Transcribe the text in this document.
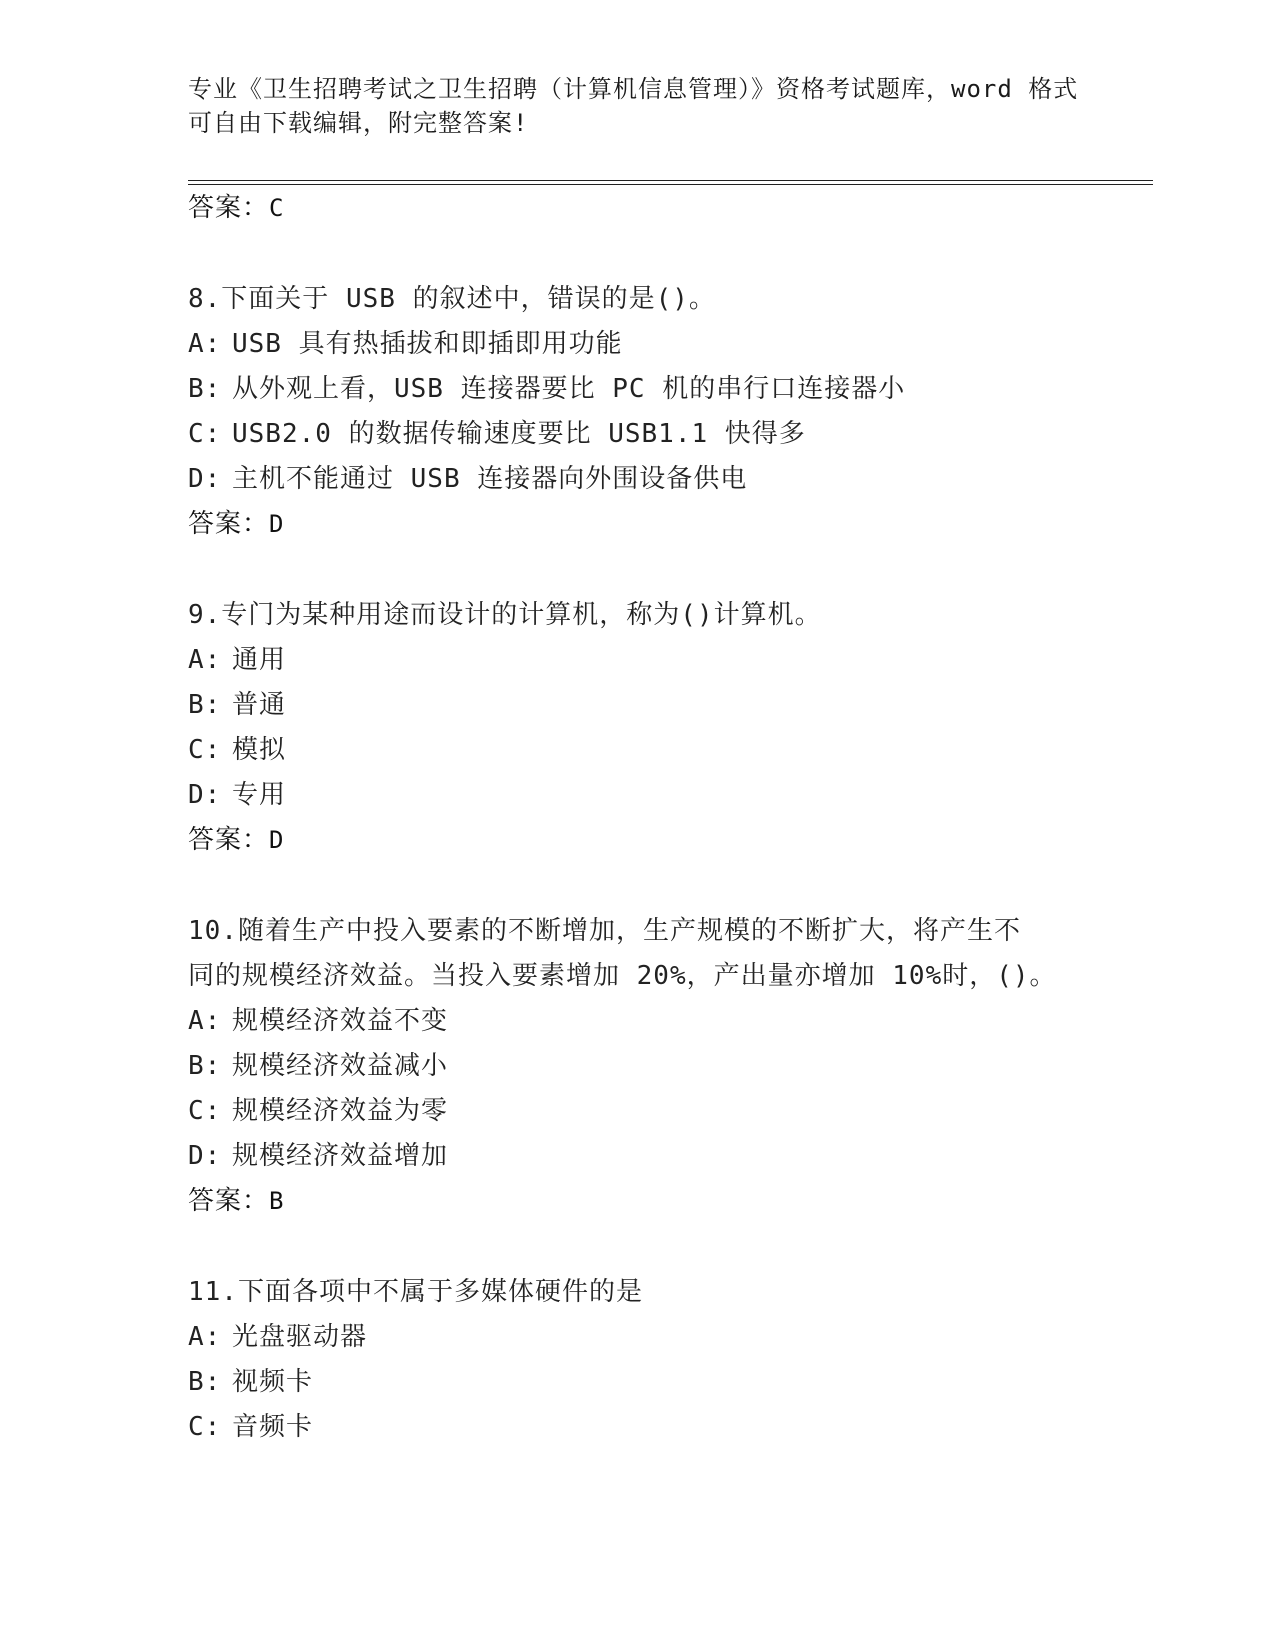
专业《卫生招聘考试之卫生招聘（计算机信息管理）》资格考试题库，word 格式
可自由下载编辑，附完整答案!
答案：C
8.下面关于 USB 的叙述中，错误的是()。
A: USB 具有热插拔和即插即用功能
B: 从外观上看，USB 连接器要比 PC 机的串行口连接器小
C: USB2.0 的数据传输速度要比 USB1.1 快得多
D: 主机不能通过 USB 连接器向外围设备供电
答案：D
9.专门为某种用途而设计的计算机，称为()计算机。
A: 通用
B: 普通
C: 模拟
D: 专用
答案：D
10.随着生产中投入要素的不断增加，生产规模的不断扩大，将产生不
同的规模经济效益。当投入要素增加 20%，产出量亦增加 10%时，()。
A: 规模经济效益不变
B: 规模经济效益减小
C: 规模经济效益为零
D: 规模经济效益增加
答案：B
11.下面各项中不属于多媒体硬件的是
A: 光盘驱动器
B: 视频卡
C: 音频卡
